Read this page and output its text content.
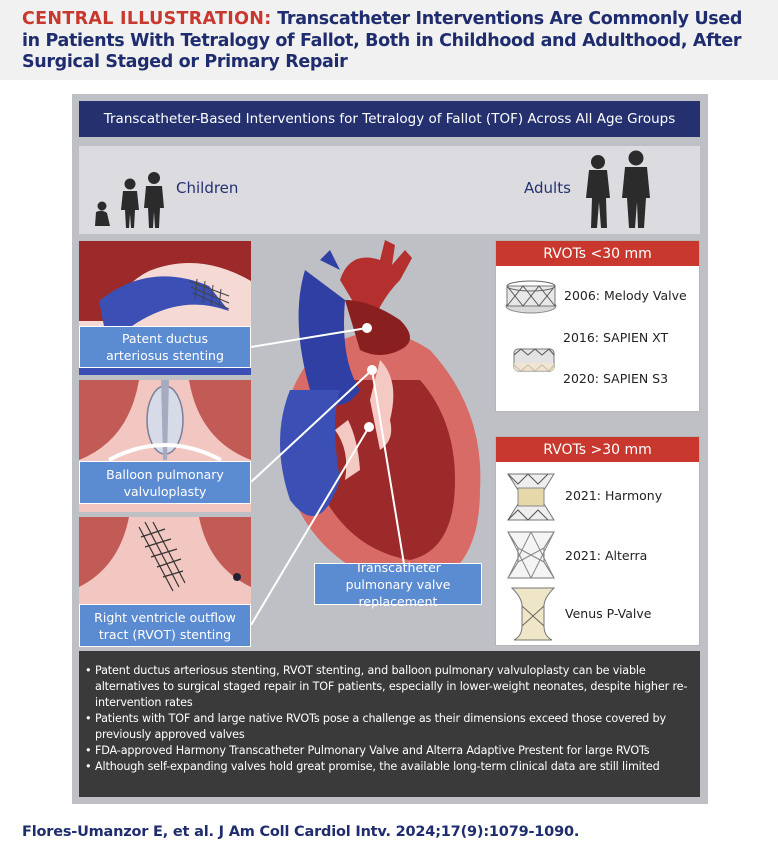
CENTRAL ILLUSTRATION: Transcatheter Interventions Are Commonly Used in Patients With Tetralogy of Fallot, Both in Childhood and Adulthood, After Surgical Staged or Primary Repair
Transcatheter-Based Interventions for Tetralogy of Fallot (TOF) Across All Age Groups
Children	Adults
Patent ductus arteriosus stenting
Balloon pulmonary valvuloplasty
Right ventricle outflow tract (RVOT) stenting
Transcatheter pulmonary valve replacement
RVOTs <30 mm
2006: Melody Valve
2016: SAPIEN XT
2020: SAPIEN S3
RVOTs >30 mm
2021: Harmony
2021: Alterra
Venus P-Valve
• Patent ductus arteriosus stenting, RVOT stenting, and balloon pulmonary valvuloplasty can be viable alternatives to surgical staged repair in TOF patients, especially in lower-weight neonates, despite higher re-intervention rates
• Patients with TOF and large native RVOTs pose a challenge as their dimensions exceed those covered by previously approved valves
• FDA-approved Harmony Transcatheter Pulmonary Valve and Alterra Adaptive Prestent for large RVOTs
• Although self-expanding valves hold great promise, the available long-term clinical data are still limited
Flores-Umanzor E, et al. J Am Coll Cardiol Intv. 2024;17(9):1079-1090.
